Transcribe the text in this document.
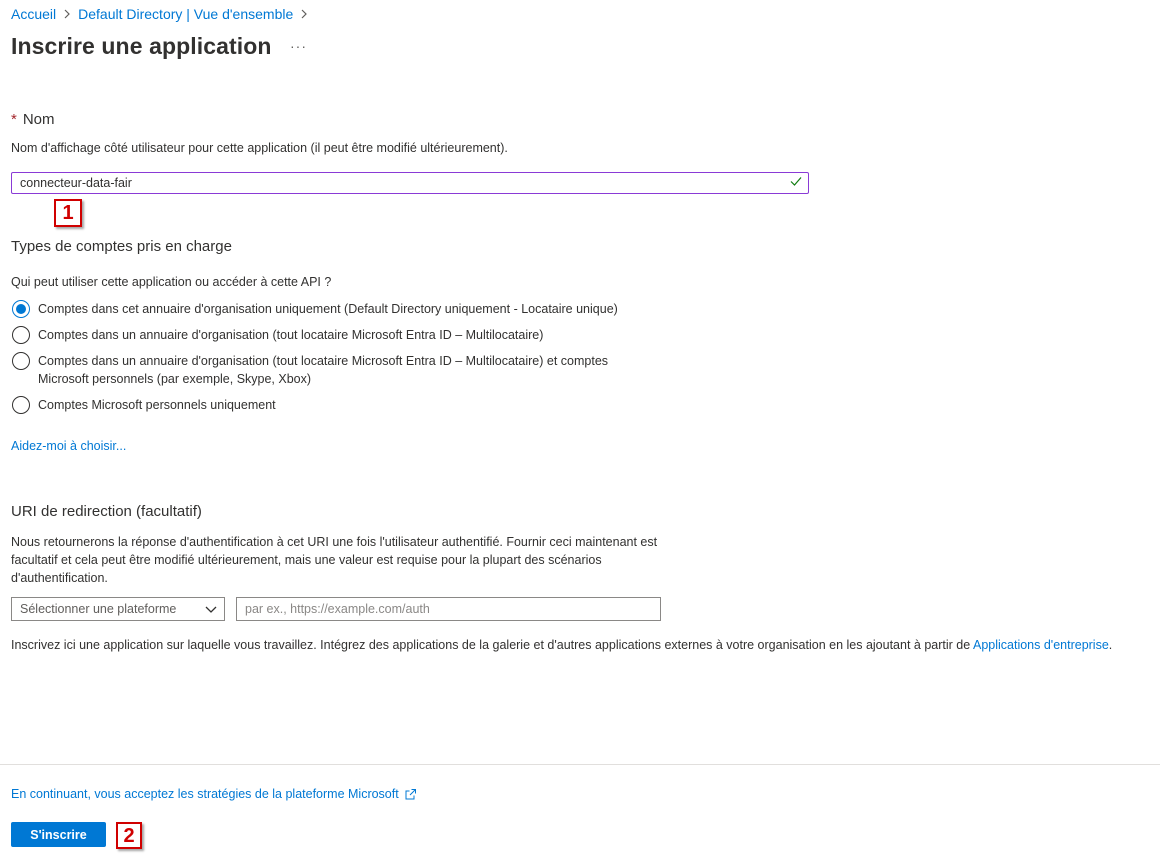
Accueil Default Directory | Vue d'ensemble
Inscrire une application ···
* Nom
Nom d'affichage côté utilisateur pour cette application (il peut être modifié ultérieurement).
connecteur-data-fair
1
Types de comptes pris en charge
Qui peut utiliser cette application ou accéder à cette API ?
Comptes dans cet annuaire d'organisation uniquement (Default Directory uniquement - Locataire unique)
Comptes dans un annuaire d'organisation (tout locataire Microsoft Entra ID – Multilocataire)
Comptes dans un annuaire d'organisation (tout locataire Microsoft Entra ID – Multilocataire) et comptes
Microsoft personnels (par exemple, Skype, Xbox)
Comptes Microsoft personnels uniquement
Aidez-moi à choisir...
URI de redirection (facultatif)
Nous retournerons la réponse d'authentification à cet URI une fois l'utilisateur authentifié. Fournir ceci maintenant est
facultatif et cela peut être modifié ultérieurement, mais une valeur est requise pour la plupart des scénarios
d'authentification.
Sélectionner une plateforme
par ex., https://example.com/auth
Inscrivez ici une application sur laquelle vous travaillez. Intégrez des applications de la galerie et d'autres applications externes à votre organisation en les ajoutant à partir de Applications d'entreprise.
En continuant, vous acceptez les stratégies de la plateforme Microsoft
S'inscrire	2
